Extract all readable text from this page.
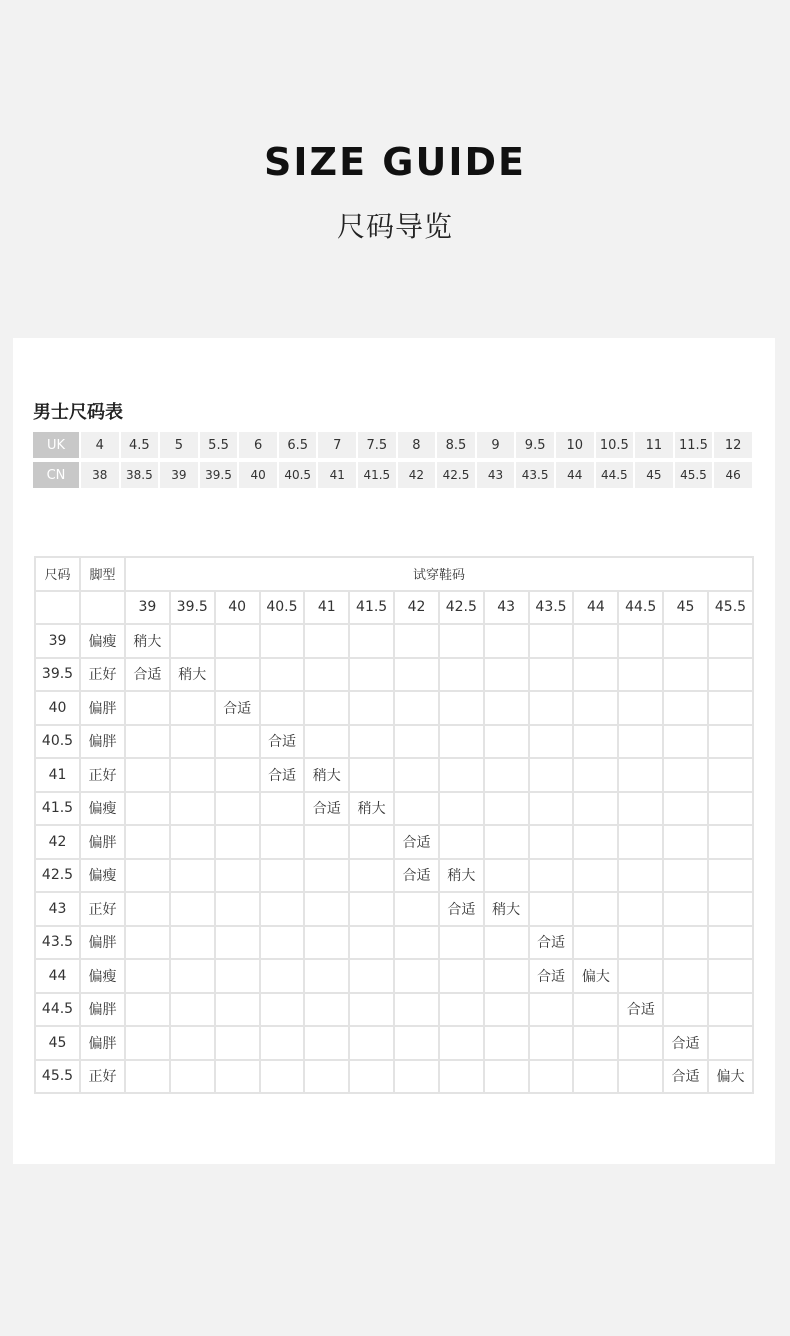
SIZE GUIDE
尺码导览
男士尺码表
UK	4	4.5	5	5.5	6	6.5	7	7.5	8	8.5	9	9.5	10	10.5	11	11.5	12
CN	38	38.5	39	39.5	40	40.5	41	41.5	42	42.5	43	43.5	44	44.5	45	45.5	46
尺码	脚型	试穿鞋码													
		39	39.5	40	40.5	41	41.5	42	42.5	43	43.5	44	44.5	45	45.5
39	偏瘦	稍大													
39.5	正好	合适	稍大												
40	偏胖			合适											
40.5	偏胖				合适										
41	正好				合适	稍大									
41.5	偏瘦					合适	稍大								
42	偏胖							合适							
42.5	偏瘦							合适	稍大						
43	正好								合适	稍大					
43.5	偏胖										合适				
44	偏瘦										合适	偏大			
44.5	偏胖												合适		
45	偏胖													合适	
45.5	正好													合适	偏大
